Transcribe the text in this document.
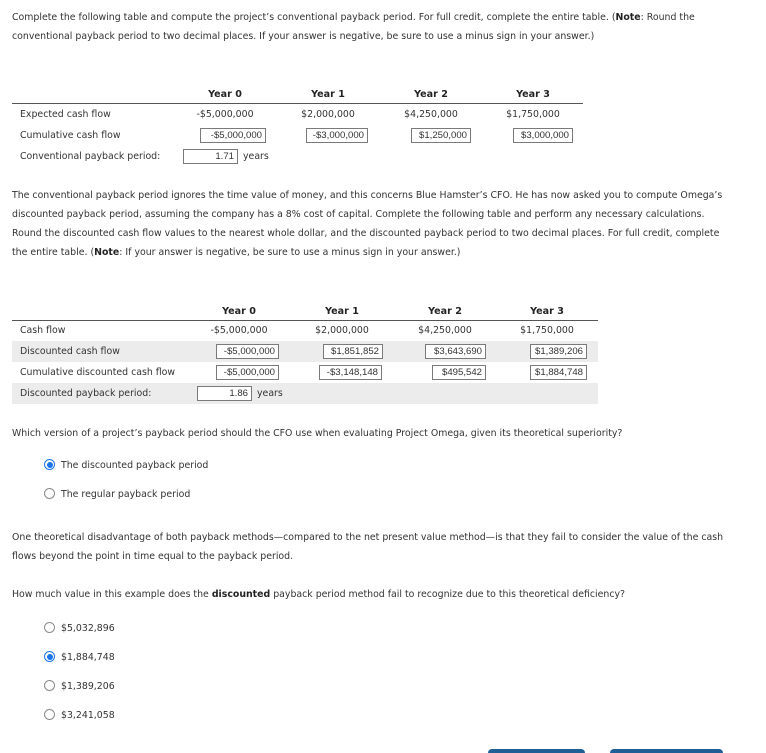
Complete the following table and compute the project’s conventional payback period. For full credit, complete the entire table. (Note: Round the
conventional payback period to two decimal places. If your answer is negative, be sure to use a minus sign in your answer.)
Year 0	Year 1	Year 2	Year 3
Expected cash flow	-$5,000,000	$2,000,000	$4,250,000	$1,750,000
Cumulative cash flow	-$5,000,000	-$3,000,000	$1,250,000	$3,000,000
Conventional payback period:	1.71 years
The conventional payback period ignores the time value of money, and this concerns Blue Hamster’s CFO. He has now asked you to compute Omega’s
discounted payback period, assuming the company has a 8% cost of capital. Complete the following table and perform any necessary calculations.
Round the discounted cash flow values to the nearest whole dollar, and the discounted payback period to two decimal places. For full credit, complete
the entire table. (Note: If your answer is negative, be sure to use a minus sign in your answer.)
Year 0	Year 1	Year 2	Year 3
Cash flow	-$5,000,000	$2,000,000	$4,250,000	$1,750,000
Discounted cash flow	-$5,000,000	$1,851,852	$3,643,690	$1,389,206
Cumulative discounted cash flow	-$5,000,000	-$3,148,148	$495,542	$1,884,748
Discounted payback period:	1.86 years
Which version of a project’s payback period should the CFO use when evaluating Project Omega, given its theoretical superiority?
The discounted payback period
The regular payback period
One theoretical disadvantage of both payback methods—compared to the net present value method—is that they fail to consider the value of the cash
flows beyond the point in time equal to the payback period.
How much value in this example does the discounted payback period method fail to recognize due to this theoretical deficiency?
$5,032,896
$1,884,748
$1,389,206
$3,241,058
